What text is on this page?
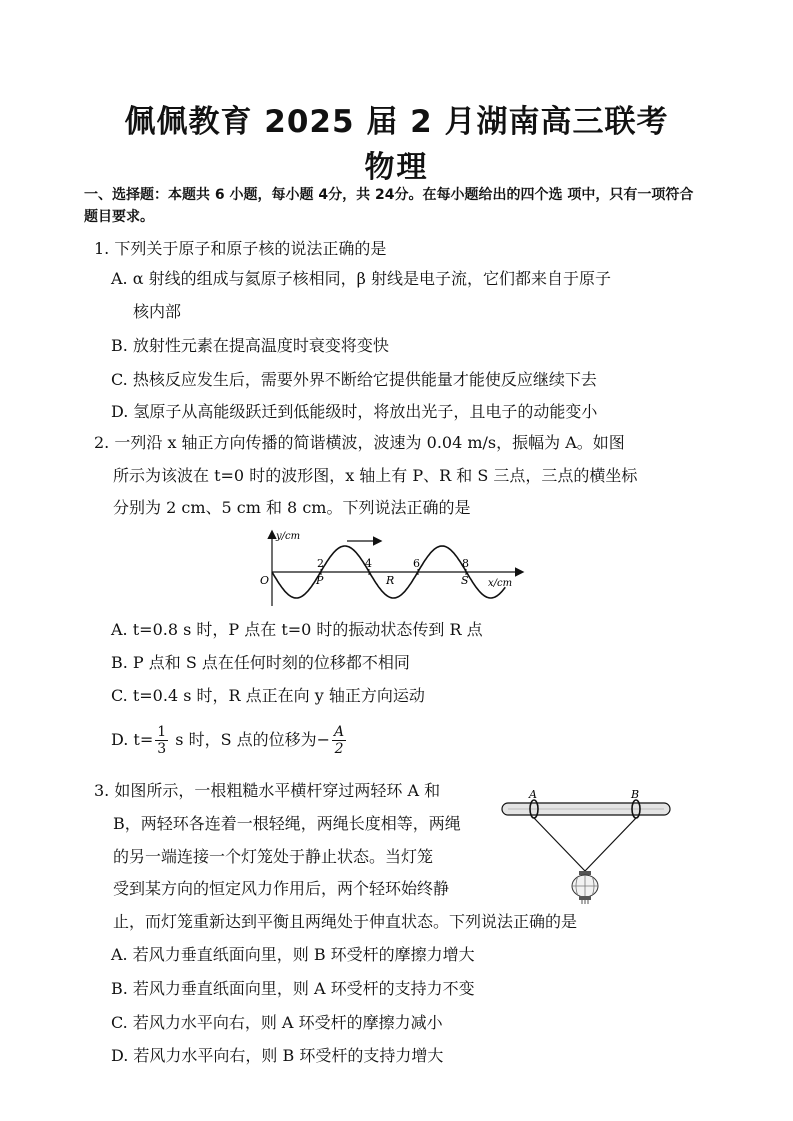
佩佩教育 2025 届 2 月湖南高三联考
物理
一、选择题：本题共 6 小题，每小题 4分，共 24分。在每小题给出的四个选 项中，只有一项符合题目要求。
1. 下列关于原子和原子核的说法正确的是
A. α 射线的组成与氦原子核相同，β 射线是电子流，它们都来自于原子
核内部
B. 放射性元素在提高温度时衰变将变快
C. 热核反应发生后，需要外界不断给它提供能量才能使反应继续下去
D. 氢原子从高能级跃迁到低能级时，将放出光子，且电子的动能变小
2. 一列沿 x 轴正方向传播的简谐横波，波速为 0.04 m/s，振幅为 A。如图
所示为该波在 t=0 时的波形图，x 轴上有 P、R 和 S 三点，三点的横坐标
分别为 2 cm、5 cm 和 8 cm。下列说法正确的是
y/cm
x/cm
O
2	4	6	8
P	R	S
A. t=0.8 s 时，P 点在 t=0 时的振动状态传到 R 点
B. P 点和 S 点在任何时刻的位移都不相同
C. t=0.4 s 时，R 点正在向 y 轴正方向运动
D. $t= \frac{1}{3}$ s 时，S 点的位移为− $\frac{A}{2}$
3. 如图所示，一根粗糙水平横杆穿过两轻环 A 和
B，两轻环各连着一根轻绳，两绳长度相等，两绳
的另一端连接一个灯笼处于静止状态。当灯笼
受到某方向的恒定风力作用后，两个轻环始终静
止，而灯笼重新达到平衡且两绳处于伸直状态。下列说法正确的是
A	B
A. 若风力垂直纸面向里，则 B 环受杆的摩擦力增大
B. 若风力垂直纸面向里，则 A 环受杆的支持力不变
C. 若风力水平向右，则 A 环受杆的摩擦力减小
D. 若风力水平向右，则 B 环受杆的支持力增大
